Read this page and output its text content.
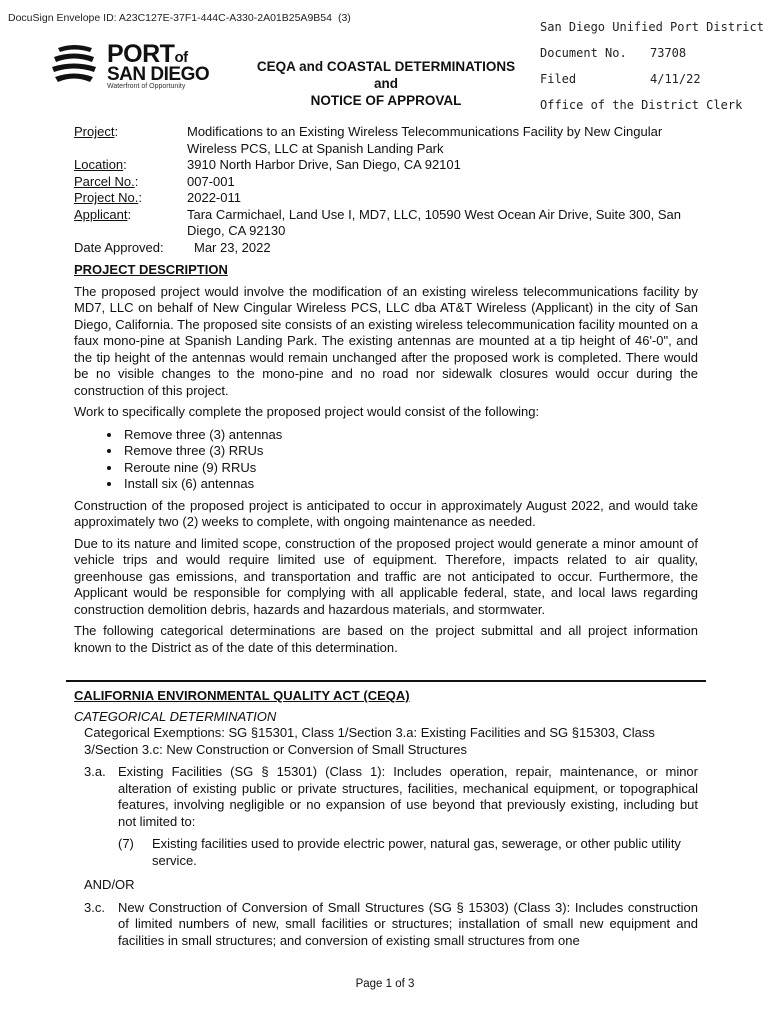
DocuSign Envelope ID: A23C127E-37F1-444C-A330-2A01B25A9B54 (3)
San Diego Unified Port District
Document No.	73708
Filed	4/11/22
Office of the District Clerk
PORTof
SAN DIEGO
Waterfront of Opportunity
CEQA and COASTAL DETERMINATIONS
and
NOTICE OF APPROVAL
Project:	Modifications to an Existing Wireless Telecommunications Facility by New Cingular Wireless PCS, LLC at Spanish Landing Park
Location:	3910 North Harbor Drive, San Diego, CA 92101
Parcel No.:	007-001
Project No.:	2022-011
Applicant:	Tara Carmichael, Land Use I, MD7, LLC, 10590 West Ocean Air Drive, Suite 300, San Diego, CA 92130
Date Approved:	Mar 23, 2022

PROJECT DESCRIPTION

The proposed project would involve the modification of an existing wireless telecommunications facility by MD7, LLC on behalf of New Cingular Wireless PCS, LLC dba AT&T Wireless (Applicant) in the city of San Diego, California. The proposed site consists of an existing wireless telecommunication facility mounted on a faux mono-pine at Spanish Landing Park. The existing antennas are mounted at a tip height of 46'-0", and the tip height of the antennas would remain unchanged after the proposed work is completed. There would be no visible changes to the mono-pine and no road nor sidewalk closures would occur during the construction of this project.

Work to specifically complete the proposed project would consist of the following:

• Remove three (3) antennas
• Remove three (3) RRUs
• Reroute nine (9) RRUs
• Install six (6) antennas

Construction of the proposed project is anticipated to occur in approximately August 2022, and would take approximately two (2) weeks to complete, with ongoing maintenance as needed.

Due to its nature and limited scope, construction of the proposed project would generate a minor amount of vehicle trips and would require limited use of equipment. Therefore, impacts related to air quality, greenhouse gas emissions, and transportation and traffic are not anticipated to occur. Furthermore, the Applicant would be responsible for complying with all applicable federal, state, and local laws regarding construction demolition debris, hazards and hazardous materials, and stormwater.

The following categorical determinations are based on the project submittal and all project information known to the District as of the date of this determination.

CALIFORNIA ENVIRONMENTAL QUALITY ACT (CEQA)

CATEGORICAL DETERMINATION

Categorical Exemptions: SG §15301, Class 1/Section 3.a: Existing Facilities and SG §15303, Class 3/Section 3.c: New Construction or Conversion of Small Structures

3.a. Existing Facilities (SG § 15301) (Class 1): Includes operation, repair, maintenance, or minor alteration of existing public or private structures, facilities, mechanical equipment, or topographical features, involving negligible or no expansion of use beyond that previously existing, including but not limited to:
(7)	Existing facilities used to provide electric power, natural gas, sewerage, or other public utility service.

AND/OR

3.c.	New Construction of Conversion of Small Structures (SG § 15303) (Class 3): Includes construction of limited numbers of new, small facilities or structures; installation of small new equipment and facilities in small structures; and conversion of existing small structures from one
Page 1 of 3
